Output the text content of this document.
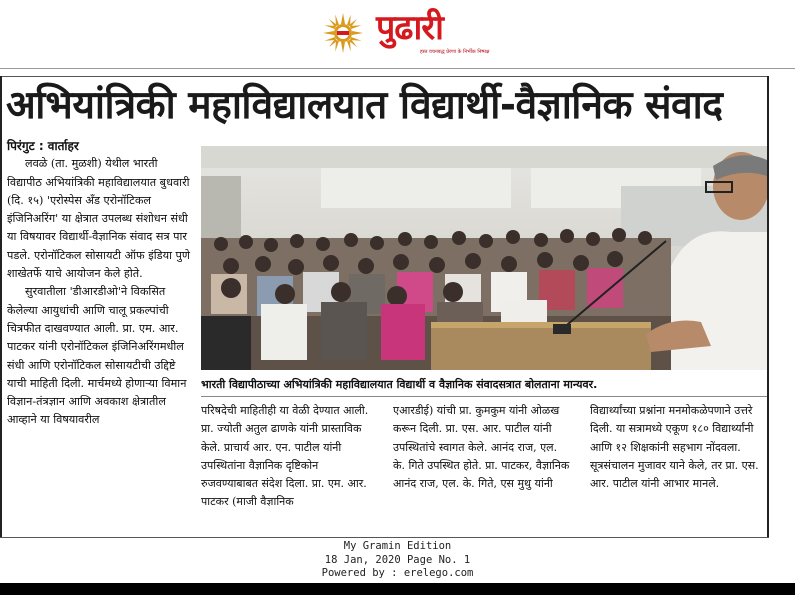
पुढारी
हस्त वचनबद्ध प्रेरणा के निर्भीक निष्पक्ष
अभियांत्रिकी महाविद्यालयात विद्यार्थी-वैज्ञानिक संवाद

पिरंगुट : वार्ताहर

लवळे (ता. मुळशी) येथील भारती विद्यापीठ अभियांत्रिकी महाविद्यालयात बुधवारी (दि. १५) 'एरोस्पेस अँड एरोनॉटिकल इंजिनिअरिंग' या क्षेत्रात उपलब्ध संशोधन संधी या विषयावर विद्यार्थी-वैज्ञानिक संवाद सत्र पार पडले. एरोनॉटिकल सोसायटी ऑफ इंडिया पुणे शाखेतर्फे याचे आयोजन केले होते.

सुरवातीला 'डीआरडीओ'ने विकसित केलेल्या आयुधांची आणि चालू प्रकल्पांची चित्रफीत दाखवण्यात आली. प्रा. एम. आर. पाटकर यांनी एरोनॉटिकल इंजिनिअरिंगमधील संधी आणि एरोनॉटिकल सोसायटीची उद्दिष्टे याची माहिती दिली. मार्चमध्ये होणाऱ्या विमान विज्ञान-तंत्रज्ञान आणि अवकाश क्षेत्रातील आव्हाने या विषयावरील

भारती विद्यापीठाच्या अभियांत्रिकी महाविद्यालयात विद्यार्थी व वैज्ञानिक संवादसत्रात बोलताना मान्यवर.

परिषदेची माहितीही या वेळी देण्यात आली. प्रा. ज्योती अतुल ढाणके यांनी प्रास्ताविक केले. प्राचार्य आर. एन. पाटील यांनी उपस्थितांना वैज्ञानिक दृष्टिकोन रुजवण्याबाबत संदेश दिला. प्रा. एम. आर. पाटकर (माजी वैज्ञानिक

एआरडीई) यांची प्रा. कुमकुम यांनी ओळख करून दिली. प्रा. एस. आर. पाटील यांनी उपस्थितांचे स्वागत केले. आनंद राज, एल. के. गिते उपस्थित होते. प्रा. पाटकर, वैज्ञानिक आनंद राज, एल. के. गिते, एस मुथु यांनी

विद्यार्थ्यांच्या प्रश्नांना मनमोकळेपणाने उत्तरे दिली. या सत्रामध्ये एकूण १८० विद्यार्थ्यांनी आणि १२ शिक्षकांनी सहभाग नोंदवला. सूत्रसंचालन मुजावर याने केले, तर प्रा. एस. आर. पाटील यांनी आभार मानले.

My Gramin Edition
18 Jan, 2020 Page No. 1
Powered by : erelego.com
